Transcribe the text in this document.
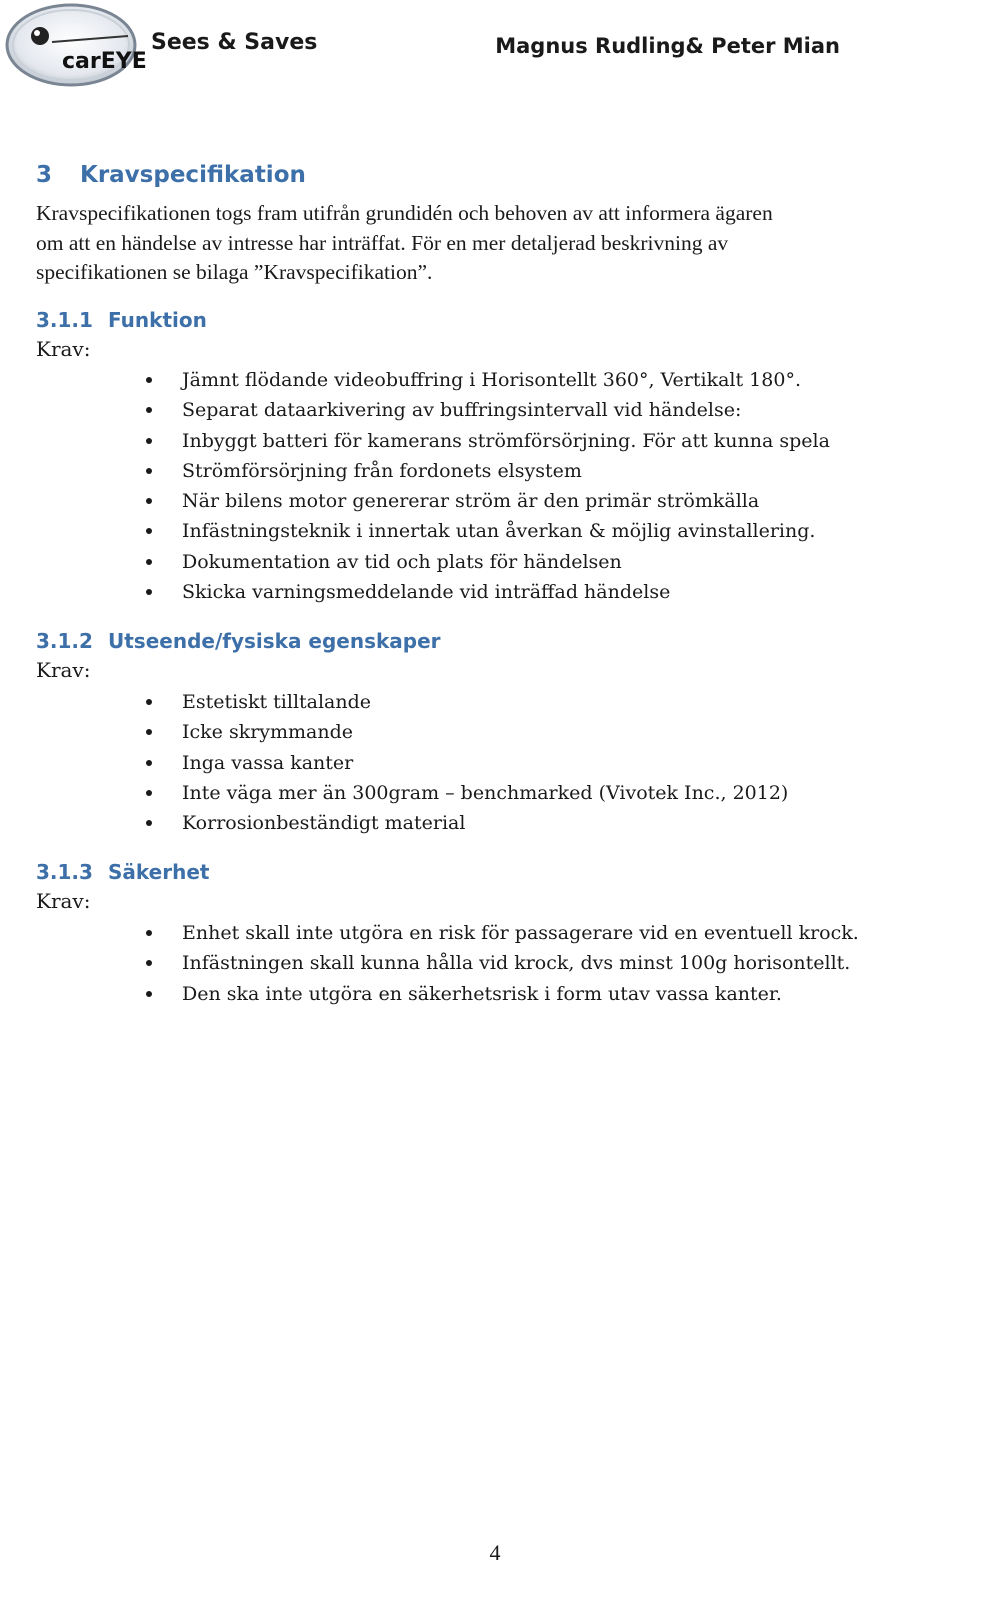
carEYE
Sees & Saves	Magnus Rudling& Peter Mian
3 Kravspecifikation

Kravspecifikationen togs fram utifrån grundidén och behoven av att informera ägaren

om att en händelse av intresse har inträffat. För en mer detaljerad beskrivning av

specifikationen se bilaga ”Kravspecifikation”.

3.1.1 Funktion
Krav:
Jämnt flödande videobuffring i Horisontellt 360°, Vertikalt 180°.
Separat dataarkivering av buffringsintervall vid händelse:
Inbyggt batteri för kamerans strömförsörjning. För att kunna spela
Strömförsörjning från fordonets elsystem
När bilens motor genererar ström är den primär strömkälla
Infästningsteknik i innertak utan åverkan & möjlig avinstallering.
Dokumentation av tid och plats för händelsen
Skicka varningsmeddelande vid inträffad händelse
3.1.2 Utseende/fysiska egenskaper
Krav:
Estetiskt tilltalande
Icke skrymmande
Inga vassa kanter
Inte väga mer än 300gram – benchmarked (Vivotek Inc., 2012)
Korrosionbeständigt material
3.1.3 Säkerhet
Krav:
Enhet skall inte utgöra en risk för passagerare vid en eventuell krock.
Infästningen skall kunna hålla vid krock, dvs minst 100g horisontellt.
Den ska inte utgöra en säkerhetsrisk i form utav vassa kanter.
4
